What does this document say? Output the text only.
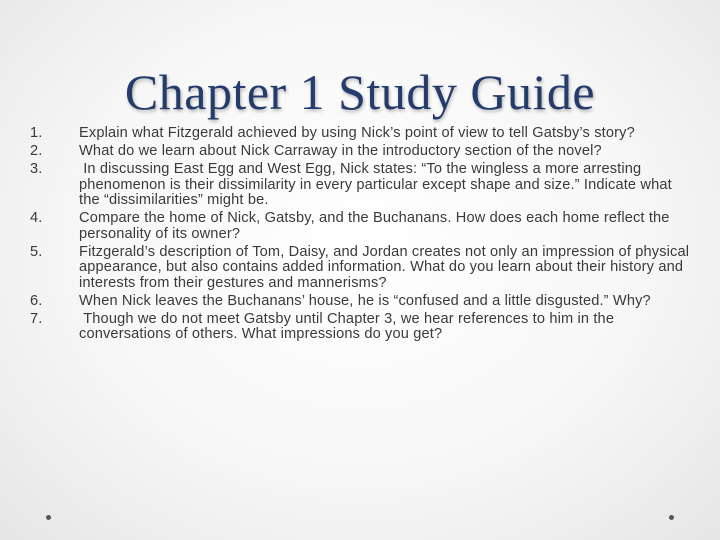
Chapter 1 Study Guide
1.	Explain what Fitzgerald achieved by using Nick’s point of view to tell Gatsby’s story?
2.	What do we learn about Nick Carraway in the introductory section of the novel?
3.	In discussing East Egg and West Egg, Nick states: “To the wingless a more arresting phenomenon is their dissimilarity in every particular except shape and size.” Indicate what the “dissimilarities” might be.
4.	Compare the home of Nick, Gatsby, and the Buchanans. How does each home reflect the personality of its owner?
5.	Fitzgerald’s description of Tom, Daisy, and Jordan creates not only an impression of physical appearance, but also contains added information. What do you learn about their history and interests from their gestures and mannerisms?
6.	When Nick leaves the Buchanans’ house, he is “confused and a little disgusted.” Why?
7.	Though we do not meet Gatsby until Chapter 3, we hear references to him in the conversations of others. What impressions do you get?
